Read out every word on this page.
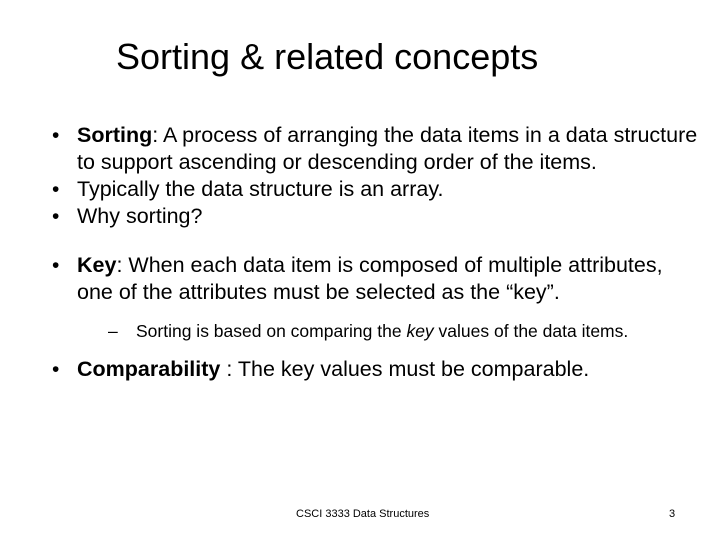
Sorting & related concepts
• Sorting: A process of arranging the data items in a data structure to support ascending or descending order of the items.
• Typically the data structure is an array.
• Why sorting?
• Key: When each data item is composed of multiple attributes, one of the attributes must be selected as the “key”.
–	Sorting is based on comparing the key values of the data items.
• Comparability : The key values must be comparable.
CSCI 3333 Data Structures	3
